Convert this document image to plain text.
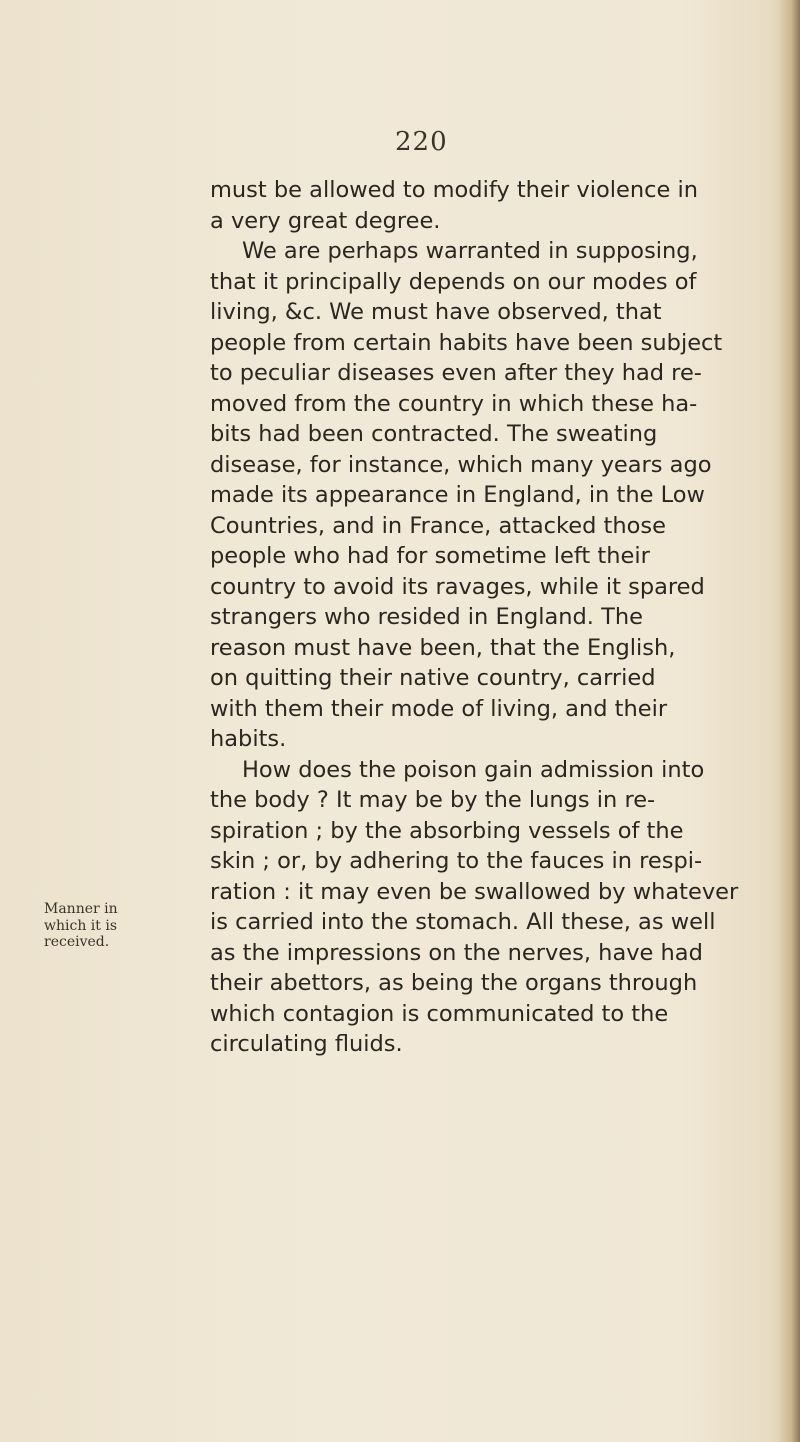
220
Manner in
which it is
received.
must be allowed to modify their violence in
a very great degree.
We are perhaps warranted in supposing,
that it principally depends on our modes of
living, &c. We must have observed, that
people from certain habits have been subject
to peculiar diseases even after they had re-
moved from the country in which these ha-
bits had been contracted. The sweating
disease, for instance, which many years ago
made its appearance in England, in the Low
Countries, and in France, attacked those
people who had for sometime left their
country to avoid its ravages, while it spared
strangers who resided in England. The
reason must have been, that the English,
on quitting their native country, carried
with them their mode of living, and their
habits.
How does the poison gain admission into
the body ? It may be by the lungs in re-
spiration ; by the absorbing vessels of the
skin ; or, by adhering to the fauces in respi-
ration : it may even be swallowed by whatever
is carried into the stomach. All these, as well
as the impressions on the nerves, have had
their abettors, as being the organs through
which contagion is communicated to the
circulating fluids.
